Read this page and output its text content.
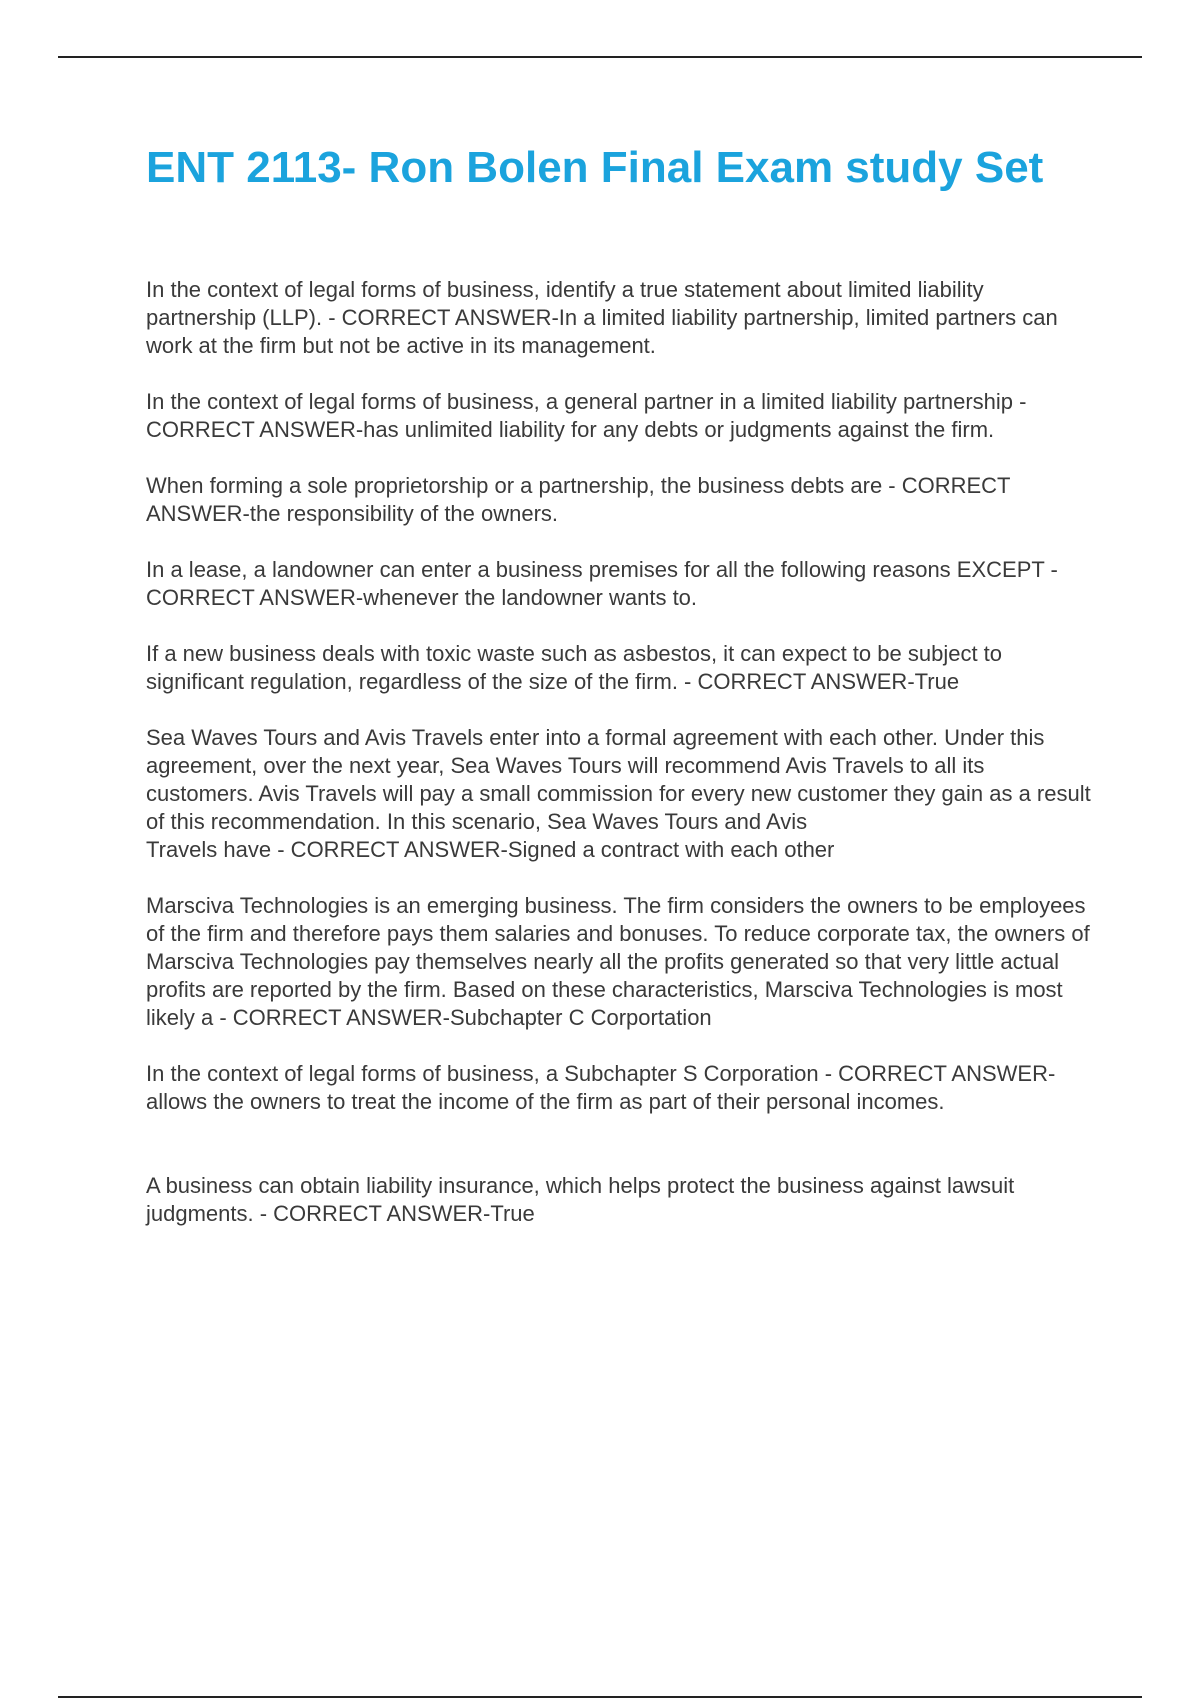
ENT 2113- Ron Bolen Final Exam study Set

In the context of legal forms of business, identify a true statement about limited liability partnership (LLP). - CORRECT ANSWER-In a limited liability partnership, limited partners can work at the firm but not be active in its management.

In the context of legal forms of business, a general partner in a limited liability partnership - CORRECT ANSWER-has unlimited liability for any debts or judgments against the firm.

When forming a sole proprietorship or a partnership, the business debts are - CORRECT ANSWER-the responsibility of the owners.

In a lease, a landowner can enter a business premises for all the following reasons EXCEPT - CORRECT ANSWER-whenever the landowner wants to.

If a new business deals with toxic waste such as asbestos, it can expect to be subject to significant regulation, regardless of the size of the firm. - CORRECT ANSWER-True

Sea Waves Tours and Avis Travels enter into a formal agreement with each other. Under this agreement, over the next year, Sea Waves Tours will recommend Avis Travels to all its customers. Avis Travels will pay a small commission for every new customer they gain as a result of this recommendation. In this scenario, Sea Waves Tours and Avis
Travels have - CORRECT ANSWER-Signed a contract with each other

Marsciva Technologies is an emerging business. The firm considers the owners to be employees of the firm and therefore pays them salaries and bonuses. To reduce corporate tax, the owners of Marsciva Technologies pay themselves nearly all the profits generated so that very little actual profits are reported by the firm. Based on these characteristics, Marsciva Technologies is most likely a - CORRECT ANSWER-Subchapter C Corportation

In the context of legal forms of business, a Subchapter S Corporation - CORRECT ANSWER-allows the owners to treat the income of the firm as part of their personal incomes.

A business can obtain liability insurance, which helps protect the business against lawsuit
judgments. - CORRECT ANSWER-True
